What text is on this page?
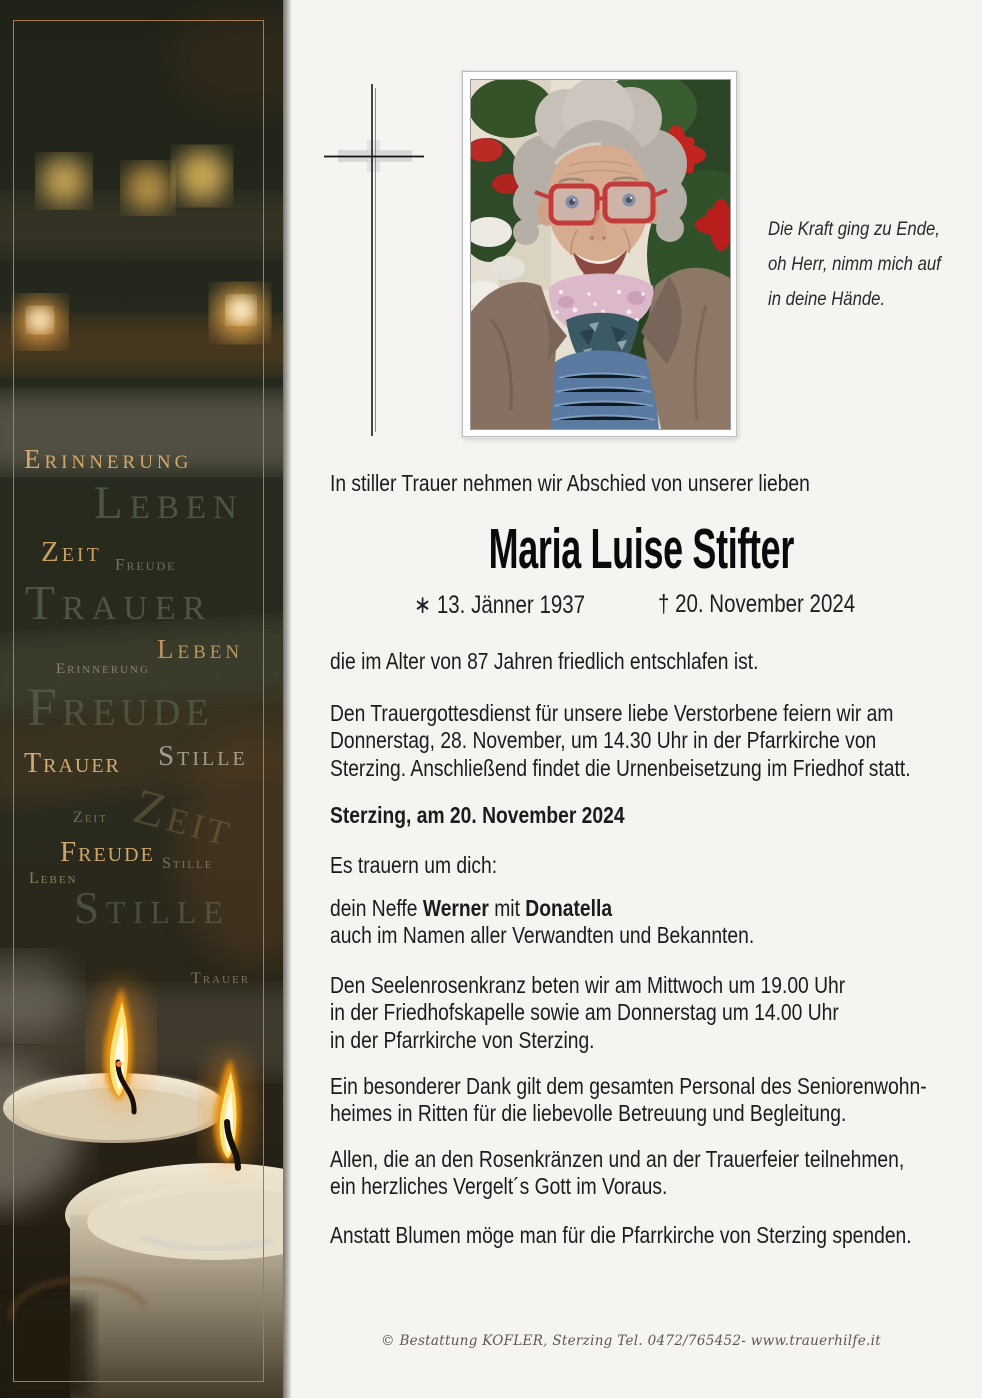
Erinnerung
Leben
Zeit Freude
Trauer
Leben
Erinnerung
Freude
Stille
Trauer
Zeit
Zeit
Freude Stille
Leben
Stille
Trauer
Die Kraft ging zu Ende,
oh Herr, nimm mich auf
in deine Hände.
In stiller Trauer nehmen wir Abschied von unserer lieben
Maria Luise Stifter
∗ 13. Jänner 1937	† 20. November 2024
die im Alter von 87 Jahren friedlich entschlafen ist.
Den Trauergottesdienst für unsere liebe Verstorbene feiern wir am
Donnerstag, 28. November, um 14.30 Uhr in der Pfarrkirche von
Sterzing. Anschließend findet die Urnenbeisetzung im Friedhof statt.
Sterzing, am 20. November 2024
Es trauern um dich:
dein Neffe Werner mit Donatella
auch im Namen aller Verwandten und Bekannten.
Den Seelenrosenkranz beten wir am Mittwoch um 19.00 Uhr
in der Friedhofskapelle sowie am Donnerstag um 14.00 Uhr
in der Pfarrkirche von Sterzing.
Ein besonderer Dank gilt dem gesamten Personal des Seniorenwohn-
heimes in Ritten für die liebevolle Betreuung und Begleitung.
Allen, die an den Rosenkränzen und an der Trauerfeier teilnehmen,
ein herzliches Vergelt´s Gott im Voraus.
Anstatt Blumen möge man für die Pfarrkirche von Sterzing spenden.
© Bestattung KOFLER, Sterzing Tel. 0472/765452- www.trauerhilfe.it
